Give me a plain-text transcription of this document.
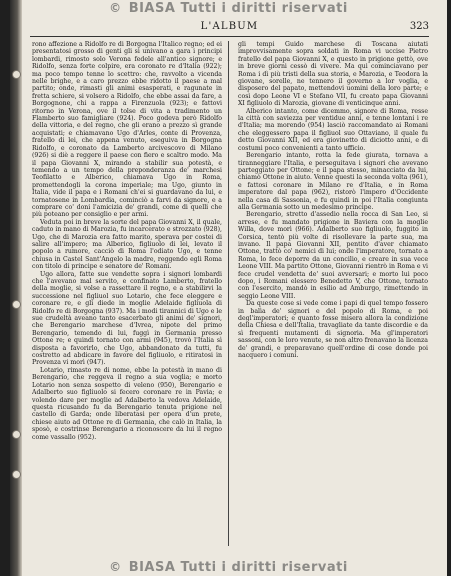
© BIASA Tutti i diritti riservati
L'ALBUM	323

rono affezione a Ridolfo re di Borgogna l'Italico regno; ed ei presentatosi grosso di genti gli si univano a gara i principi lombardi, rimosto solo Verona fedele all'antico signore; e Ridolfo, senza forte colpire, era coronato re d'Italia (922); ma poco tempo tenne lo scettro: che, ravvolto a vicenda nelle brighe, e a caro prezzo ebbe ridotto il paese a mal partito; onde, rimasti gli animi esasperati, e ragunate in fretta schiere, si volsero a Ridolfo, che ebbe assai da fare, a Borgognone, chi a rappa a Firenzuola (923); e fattovi ritorno in Verona, ove il tolse di vita a tradimento un Flamberto suo famigliare (924). Poco godeva però Ridolfo della vittoria, e del regno, che gli erano a prezzo sì grande acquistati; e chiamavano Ugo d'Arles, conte di Provenza, fratello di lei, che appena venuto, eseguiva in Borgogna Ridolfo, e coronato da Lamberto arcivescovo di Milano (926) si diè a reggere il paese con fiero e scaltro modo. Ma il papa Giovanni X, mirando a stabilir sua potestà, e temendo a un tempo della preponderanza de' marchesi Teofilatto e Alberico, chiamava Ugo in Roma, promettendogli la corona imperiale; ma Ugo, giunto in Italia, vide il papa e i Romani ch'ei si guardavano da lui, e tornatosene in Lombardia, cominciò a farvi da signore, e a comprare co' doni l'amicizia de' grandi, come di quelli che più poteano per consiglio e per armi.

Veduta poi in breve la sorte del papa Giovanni X, il quale, caduto in mano di Marozia, fu incarcerato e strozzato (928), Ugo, che di Marozia era fatto marito, sperava per costei di salire all'impero; ma Alberico, figliuolo di lei, levato il popolo a rumore, cacciò di Roma l'odiato Ugo, e tenne chiusa in Castel Sant'Angelo la madre, reggendo egli Roma con titolo di principe e senatore de' Romani.

Ugo allora, fatte sue vendette sopra i signori lombardi che l'avevano mal servito, e confinato Lamberto, fratello della moglie, si volse a rassettare il regno, e a stabilirvi la successione nel figliuol suo Lotario, che fece eleggere e coronare re, e gli diede in moglie Adelaide figliuola di Ridolfo re di Borgogna (937). Ma i modi tirannici di Ugo e le sue crudeltà aveano tanto esacerbato gli animi de' signori, che Berengario marchese d'Ivrea, nipote del primo Berengario, temendo di lui, fuggì in Germania presso Ottone re; e quindi tornato con armi (945), trovò l'Italia sì disposta a favorirlo, che Ugo, abbandonato da tutti, fu costretto ad abdicare in favore del figliuolo, e ritiratosi in Provenza vi morì (947).

Lotario, rimasto re di nome, ebbe la potestà in mano di Berengario, che reggeva il regno a sua voglia; e morto Lotario non senza sospetto di veleno (950), Berengario e Adalberto suo figliuolo si fecero coronare re in Pavia; e volendo dare per moglie ad Adalberto la vedova Adelaide, questa ricusando fu da Berengario tenuta prigione nel castello di Garda; onde liberatasi per opera d'un prete, chiese aiuto ad Ottone re di Germania, che calò in Italia, la sposò, e costrinse Berengario a riconoscere da lui il regno come vassallo (952).

gli tempi Guido marchese di Toscana aiutati improvvisamente sopra soldati in Roma vi uccise Pietro fratello del papa Giovanni X, e questo in prigione gettò, ove in breve giorni cessò di vivere. Ma qui cominciavano per Roma i dì più tristi della sua storia, e Marozia, e Teodora la giovane, sorelle, ne tennero il governo a lor voglia, e disposero del papato, mettendovi uomini della loro parte; e così dopo Leone VI e Stefano VII, fu creato papa Giovanni XI figliuolo di Marozia, giovane di venticinque anni.

Alberico intanto, come dicemmo, signore di Roma, resse la città con saviezza per ventidue anni, e tenne lontani i re d'Italia; ma morendo (954) lasciò raccomandato ai Romani che eleggessero papa il figliuol suo Ottaviano, il quale fu detto Giovanni XII, ed era giovinetto di diciotto anni, e di costumi poco convenienti a tanto ufficio.

Berengario intanto, rotta la fede giurata, tornava a tiranneggiare l'Italia, e perseguitava i signori che avevano parteggiato per Ottone; e il papa stesso, minacciato da lui, chiamò Ottone in aiuto. Venne questi la seconda volta (961), e fattosi coronare in Milano re d'Italia, e in Roma imperatore dal papa (962), ristorò l'impero d'Occidente nella casa di Sassonia, e fu quindi in poi l'Italia congiunta alla Germania sotto un medesimo principe.

Berengario, stretto d'assedio nella rocca di San Leo, si arrese, e fu mandato prigione in Baviera con la moglie Willa, dove morì (966). Adalberto suo figliuolo, fuggito in Corsica, tentò più volte di risollevare la parte sua, ma invano. Il papa Giovanni XII, pentito d'aver chiamato Ottone, trattò co' nemici di lui; onde l'imperatore, tornato a Roma, lo fece deporre da un concilio, e creare in sua vece Leone VIII. Ma partito Ottone, Giovanni rientrò in Roma e vi fece crudel vendetta de' suoi avversari; e morto lui poco dopo, i Romani elessero Benedetto V, che Ottone, tornato con l'esercito, mandò in esilio ad Amburgo, rimettendo in seggio Leone VIII.

Da queste cose si vede come i papi di quel tempo fossero in balìa de' signori e del popolo di Roma, e poi degl'imperatori; e quanto fosse misera allora la condizione della Chiesa e dell'Italia, travagliate da tante discordie e da sì frequenti mutamenti di signoria. Ma gl'imperatori sassoni, con le loro venute, se non altro frenavano la licenza de' grandi, e preparavano quell'ordine di cose donde poi nacquero i comuni.

© BIASA Tutti i diritti riservati
